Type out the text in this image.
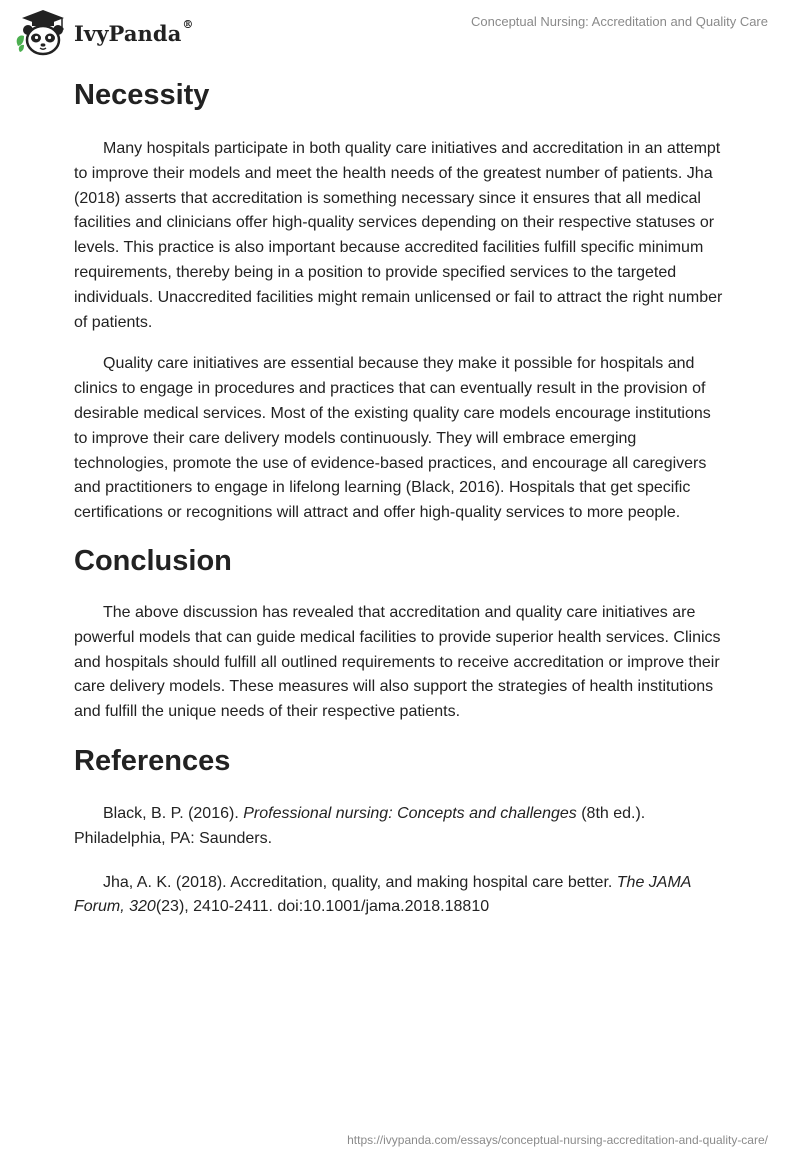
IvyPanda®	Conceptual Nursing: Accreditation and Quality Care
Necessity

Many hospitals participate in both quality care initiatives and accreditation in an attempt to improve their models and meet the health needs of the greatest number of patients. Jha (2018) asserts that accreditation is something necessary since it ensures that all medical facilities and clinicians offer high-quality services depending on their respective statuses or levels. This practice is also important because accredited facilities fulfill specific minimum requirements, thereby being in a position to provide specified services to the targeted individuals. Unaccredited facilities might remain unlicensed or fail to attract the right number of patients.

Quality care initiatives are essential because they make it possible for hospitals and clinics to engage in procedures and practices that can eventually result in the provision of desirable medical services. Most of the existing quality care models encourage institutions to improve their care delivery models continuously. They will embrace emerging technologies, promote the use of evidence-based practices, and encourage all caregivers and practitioners to engage in lifelong learning (Black, 2016). Hospitals that get specific certifications or recognitions will attract and offer high-quality services to more people.

Conclusion

The above discussion has revealed that accreditation and quality care initiatives are powerful models that can guide medical facilities to provide superior health services. Clinics and hospitals should fulfill all outlined requirements to receive accreditation or improve their care delivery models. These measures will also support the strategies of health institutions and fulfill the unique needs of their respective patients.

References

Black, B. P. (2016). Professional nursing: Concepts and challenges (8th ed.). Philadelphia, PA: Saunders.

Jha, A. K. (2018). Accreditation, quality, and making hospital care better. The JAMA Forum, 320(23), 2410-2411. doi:10.1001/jama.2018.18810

https://ivypanda.com/essays/conceptual-nursing-accreditation-and-quality-care/
